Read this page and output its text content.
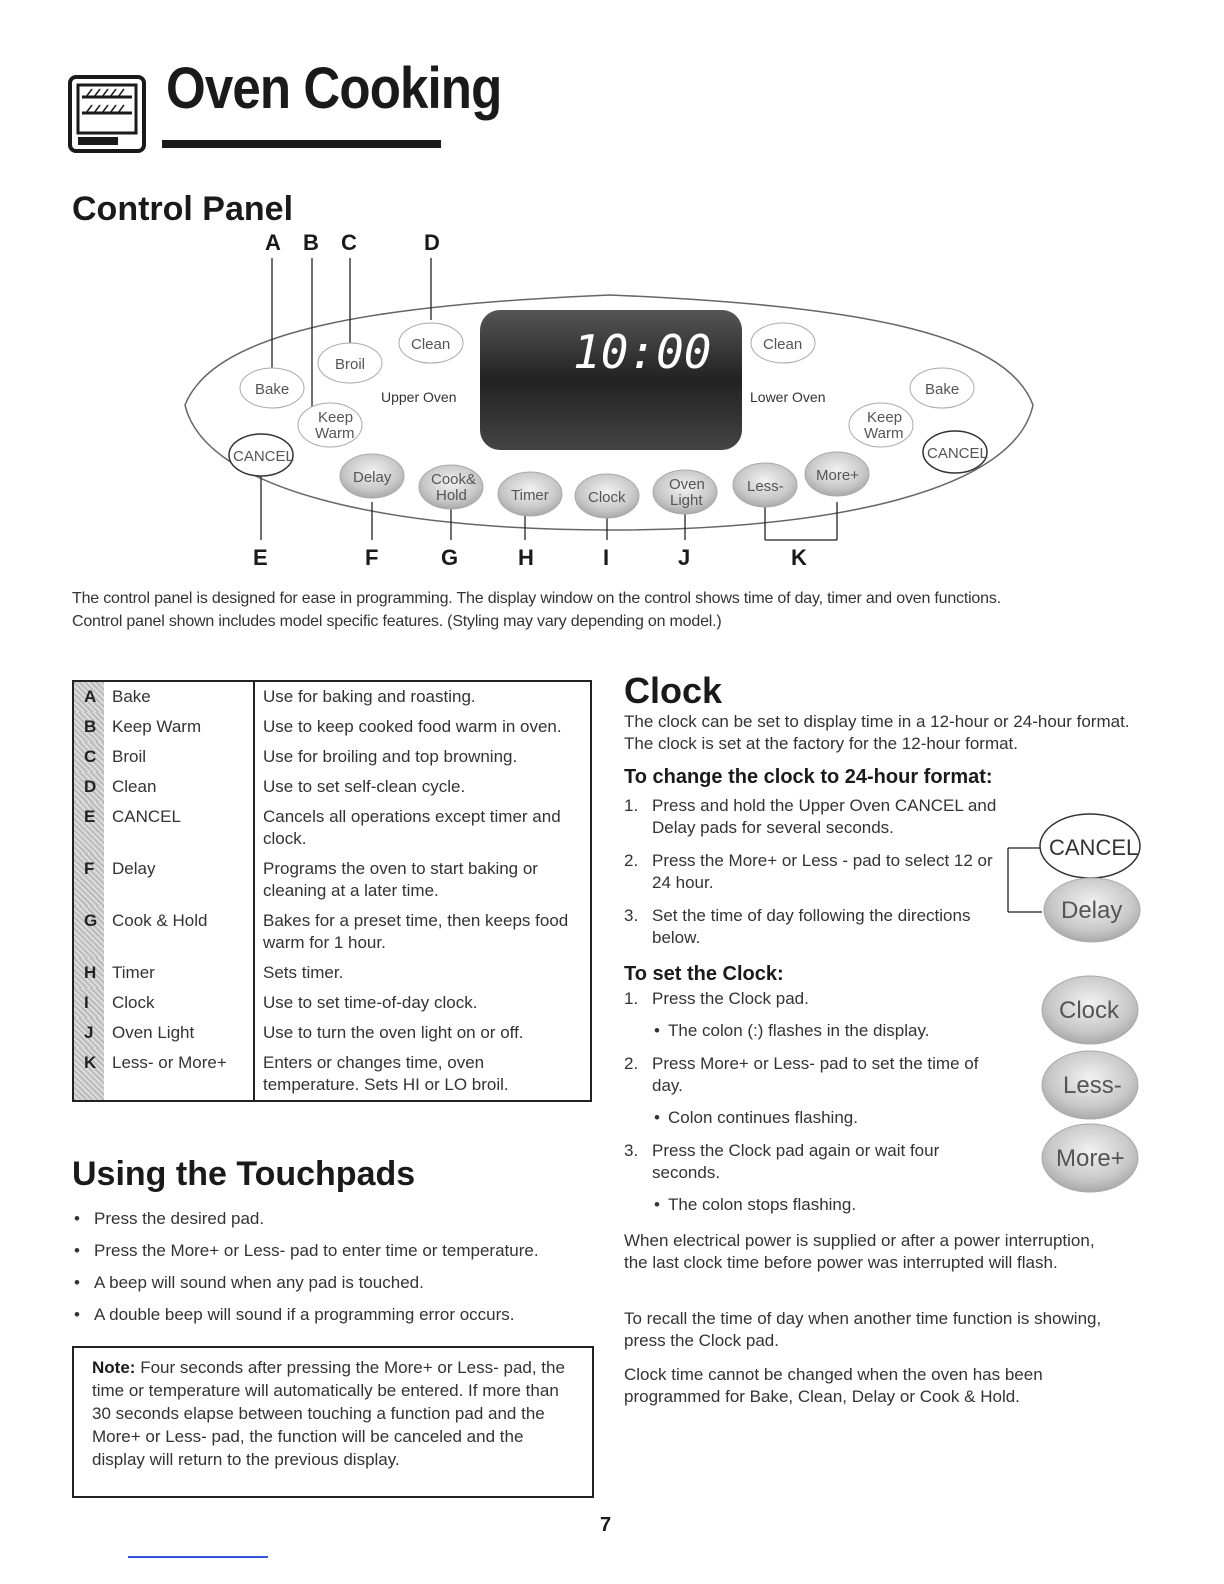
Oven Cooking
Control Panel
A B C	D
10:00
Clean
Broil
Bake
Keep
Warm
CANCEL
Upper Oven
Clean
Bake
Keep
Warm
CANCEL
Lower Oven
Delay	Cook&
Hold	Timer	Clock
Oven
Light
Less-
More+
E	F	G	H	I	J	K
The control panel is designed for ease in programming. The display window on the control shows time of day, timer and oven functions.
Control panel shown includes model specific features. (Styling may vary depending on model.)
A	Bake	Use for baking and roasting.
B	Keep Warm	Use to keep cooked food warm in oven.
C	Broil	Use for broiling and top browning.
D	Clean	Use to set self-clean cycle.
E	CANCEL	Cancels all operations except timer and clock.
F	Delay	Programs the oven to start baking or cleaning at a later time.
G	Cook & Hold	Bakes for a preset time, then keeps food warm for 1 hour.
H	Timer	Sets timer.
I	Clock	Use to set time-of-day clock.
J	Oven Light	Use to turn the oven light on or off.
K	Less- or More+	Enters or changes time, oven temperature. Sets HI or LO broil.
Using the Touchpads
• Press the desired pad.
• Press the More+ or Less- pad to enter time or temperature.
• A beep will sound when any pad is touched.
• A double beep will sound if a programming error occurs.
Note: Four seconds after pressing the More+ or Less- pad, the time or temperature will automatically be entered. If more than 30 seconds elapse between touching a function pad and the More+ or Less- pad, the function will be canceled and the display will return to the previous display.
Clock
The clock can be set to display time in a 12-hour or 24-hour format. The clock is set at the factory for the 12-hour format.
To change the clock to 24-hour format:
1. Press and hold the Upper Oven CANCEL and Delay pads for several seconds.
2. Press the More+ or Less - pad to select 12 or 24 hour.
3. Set the time of day following the directions below.
To set the Clock:
1. Press the Clock pad.
• The colon (:) flashes in the display.
2. Press More+ or Less- pad to set the time of day.
• Colon continues flashing.
3. Press the Clock pad again or wait four seconds.
• The colon stops flashing.
When electrical power is supplied or after a power interruption, the last clock time before power was interrupted will flash.
To recall the time of day when another time function is showing, press the Clock pad.
Clock time cannot be changed when the oven has been programmed for Bake, Clean, Delay or Cook & Hold.
CANCEL
Delay
Clock
Less-
More+
7
